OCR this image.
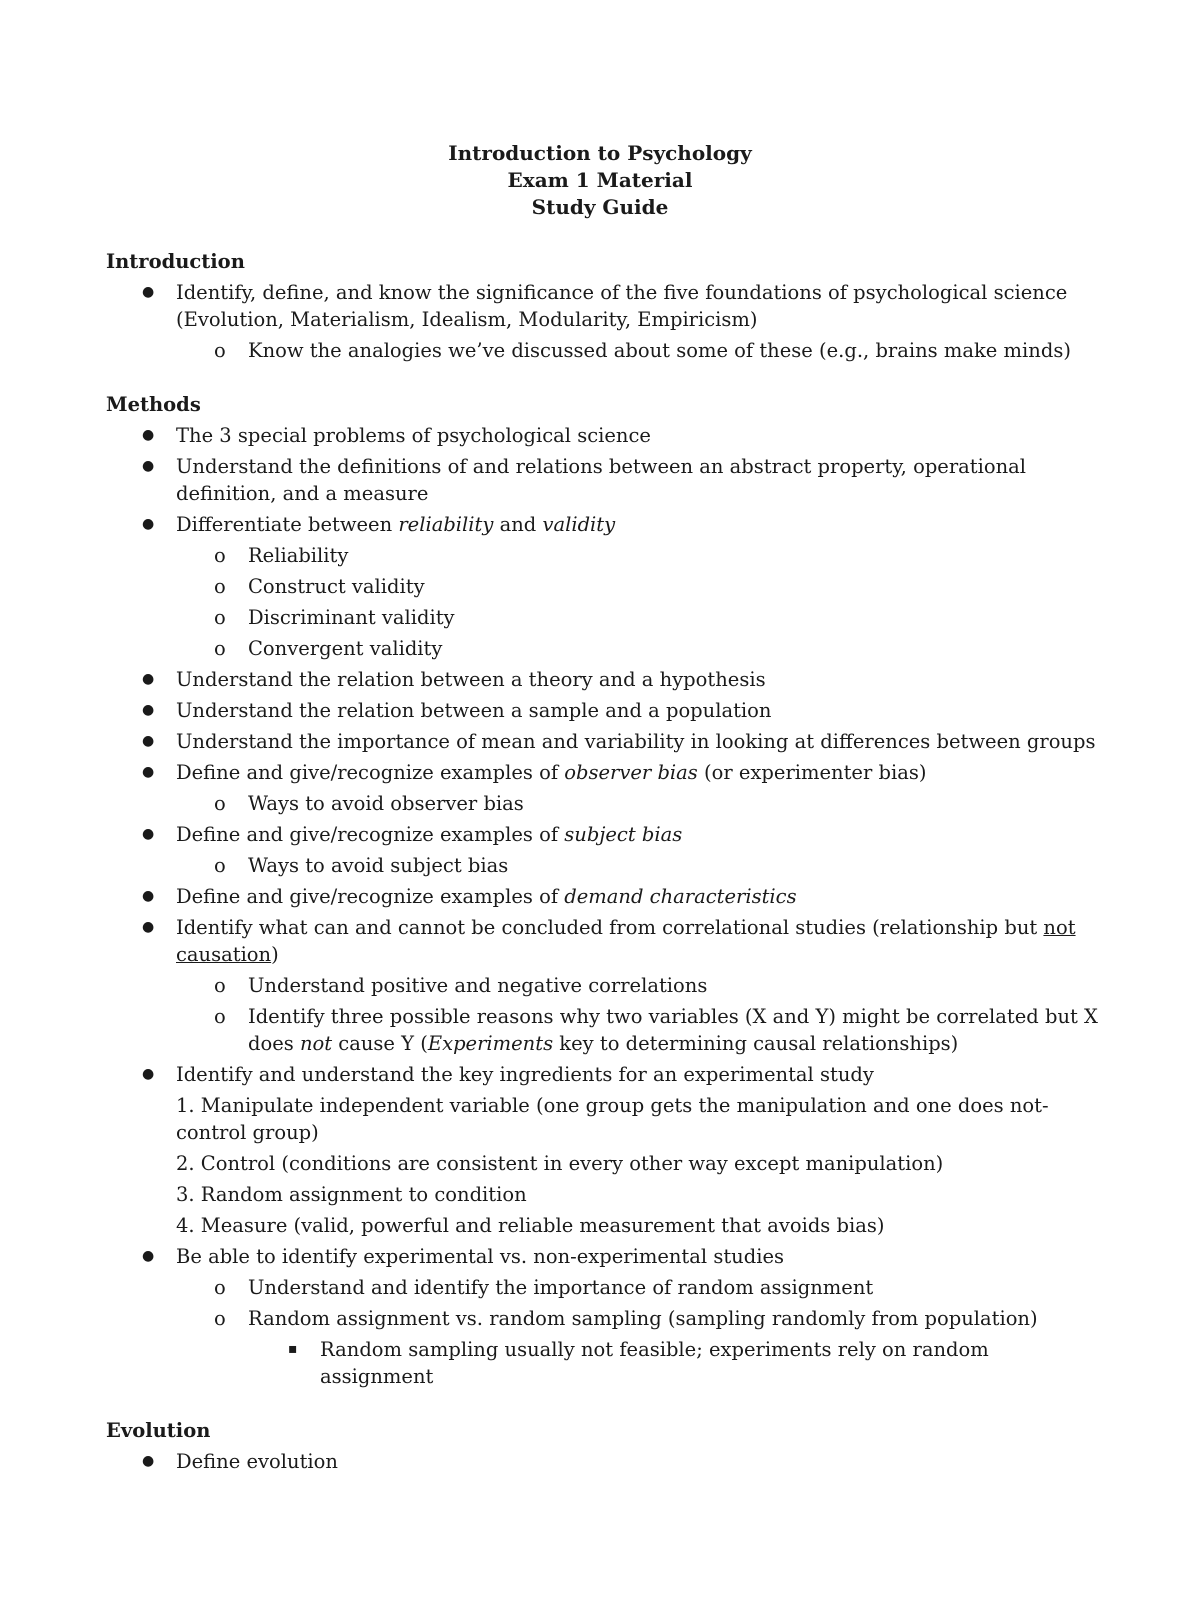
Introduction to Psychology
Exam 1 Material
Study Guide
Introduction
● Identify, define, and know the significance of the five foundations of psychological science (Evolution, Materialism, Idealism, Modularity, Empiricism)
o Know the analogies we’ve discussed about some of these (e.g., brains make minds)
Methods
● The 3 special problems of psychological science
● Understand the definitions of and relations between an abstract property, operational definition, and a measure
● Differentiate between reliability and validity
o Reliability
o Construct validity
o Discriminant validity
o Convergent validity
● Understand the relation between a theory and a hypothesis
● Understand the relation between a sample and a population
● Understand the importance of mean and variability in looking at differences between groups
● Define and give/recognize examples of observer bias (or experimenter bias)
o Ways to avoid observer bias
● Define and give/recognize examples of subject bias
o Ways to avoid subject bias
● Define and give/recognize examples of demand characteristics
● Identify what can and cannot be concluded from correlational studies (relationship but not causation)
o Understand positive and negative correlations
o Identify three possible reasons why two variables (X and Y) might be correlated but X does not cause Y (Experiments key to determining causal relationships)
● Identify and understand the key ingredients for an experimental study
1. Manipulate independent variable (one group gets the manipulation and one does not- control group)
2. Control (conditions are consistent in every other way except manipulation)
3. Random assignment to condition
4. Measure (valid, powerful and reliable measurement that avoids bias)
● Be able to identify experimental vs. non-experimental studies
o Understand and identify the importance of random assignment
o Random assignment vs. random sampling (sampling randomly from population)
▪ Random sampling usually not feasible; experiments rely on random assignment
Evolution
● Define evolution
